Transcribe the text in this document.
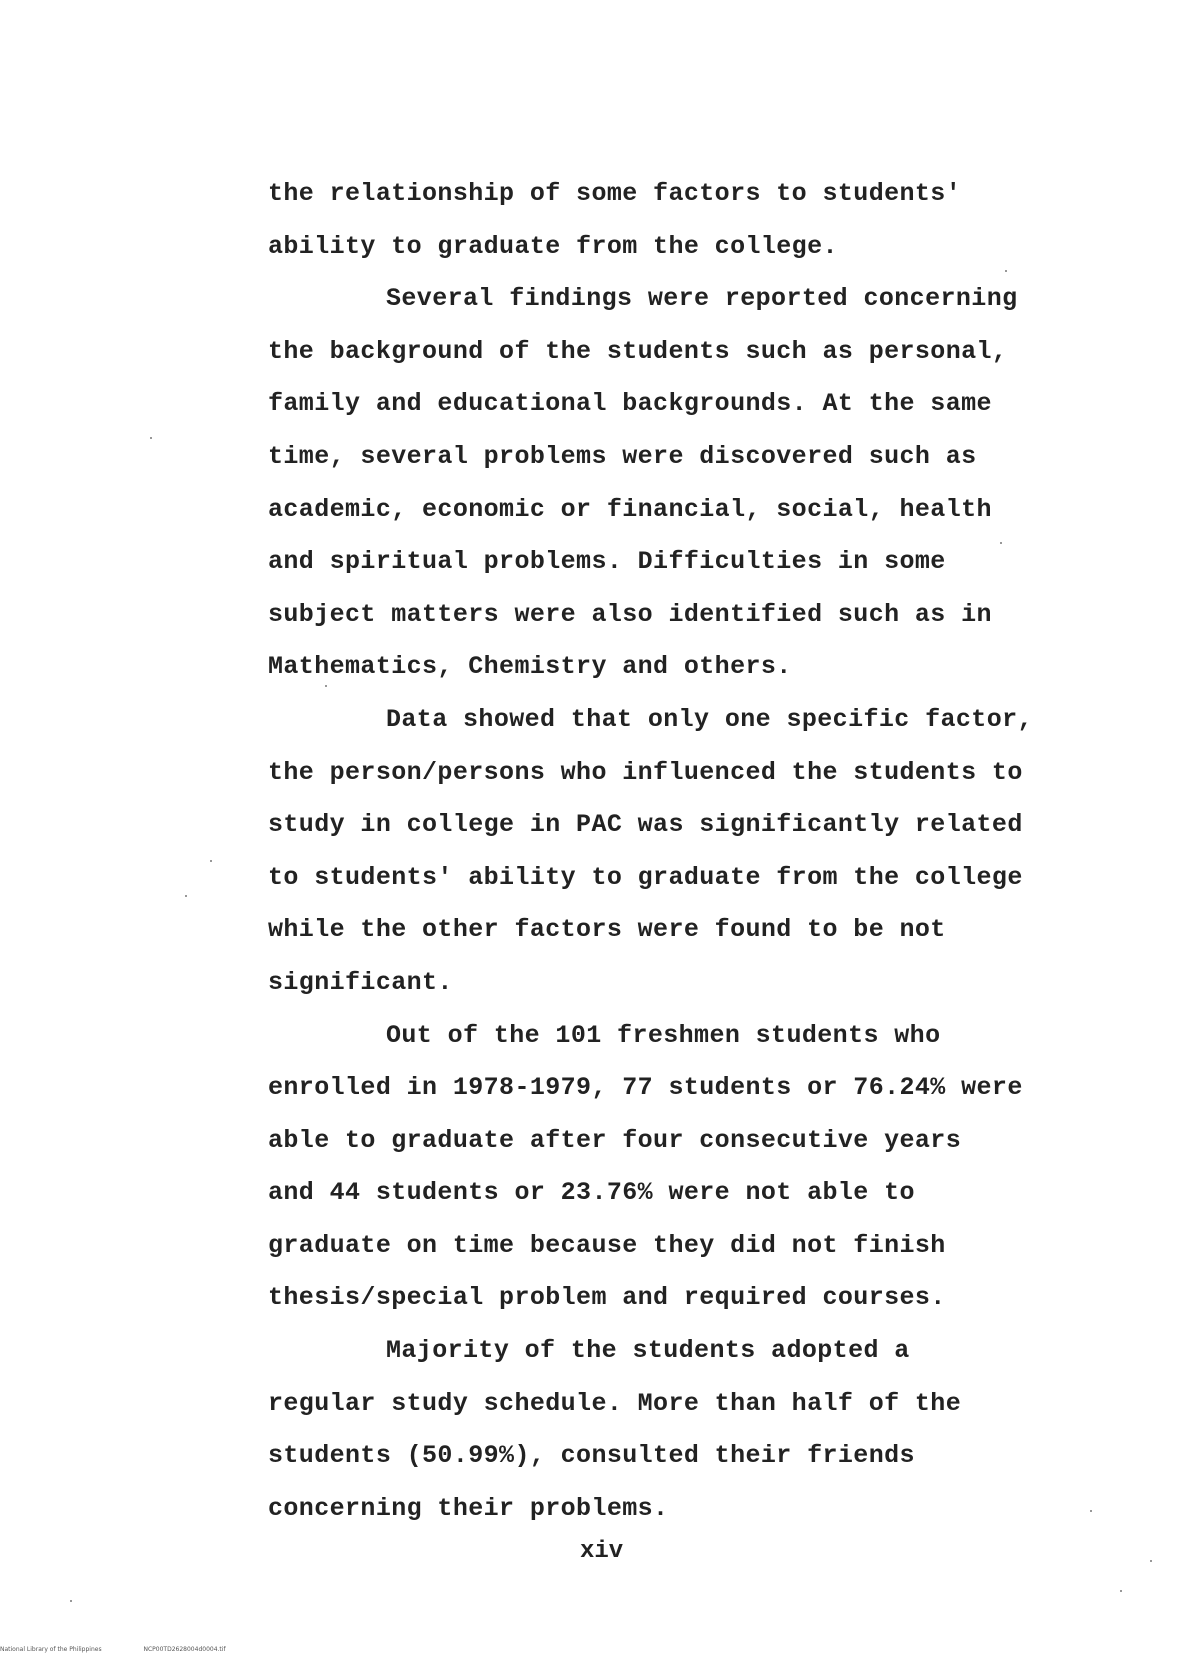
the relationship of some factors to students'
ability to graduate from the college.
Several findings were reported concerning
the background of the students such as personal,
family and educational backgrounds. At the same
time, several problems were discovered such as
academic, economic or financial, social, health
and spiritual problems. Difficulties in some
subject matters were also identified such as in
Mathematics, Chemistry and others.
Data showed that only one specific factor,
the person/persons who influenced the students to
study in college in PAC was significantly related
to students' ability to graduate from the college
while the other factors were found to be not
significant.
Out of the 101 freshmen students who
enrolled in 1978-1979, 77 students or 76.24% were
able to graduate after four consecutive years
and 44 students or 23.76% were not able to
graduate on time because they did not finish
thesis/special problem and required courses.
Majority of the students adopted a
regular study schedule. More than half of the
students (50.99%), consulted their friends
concerning their problems.
xiv
National Library of the Philippines	NCP00TD2628004d0004.tif
